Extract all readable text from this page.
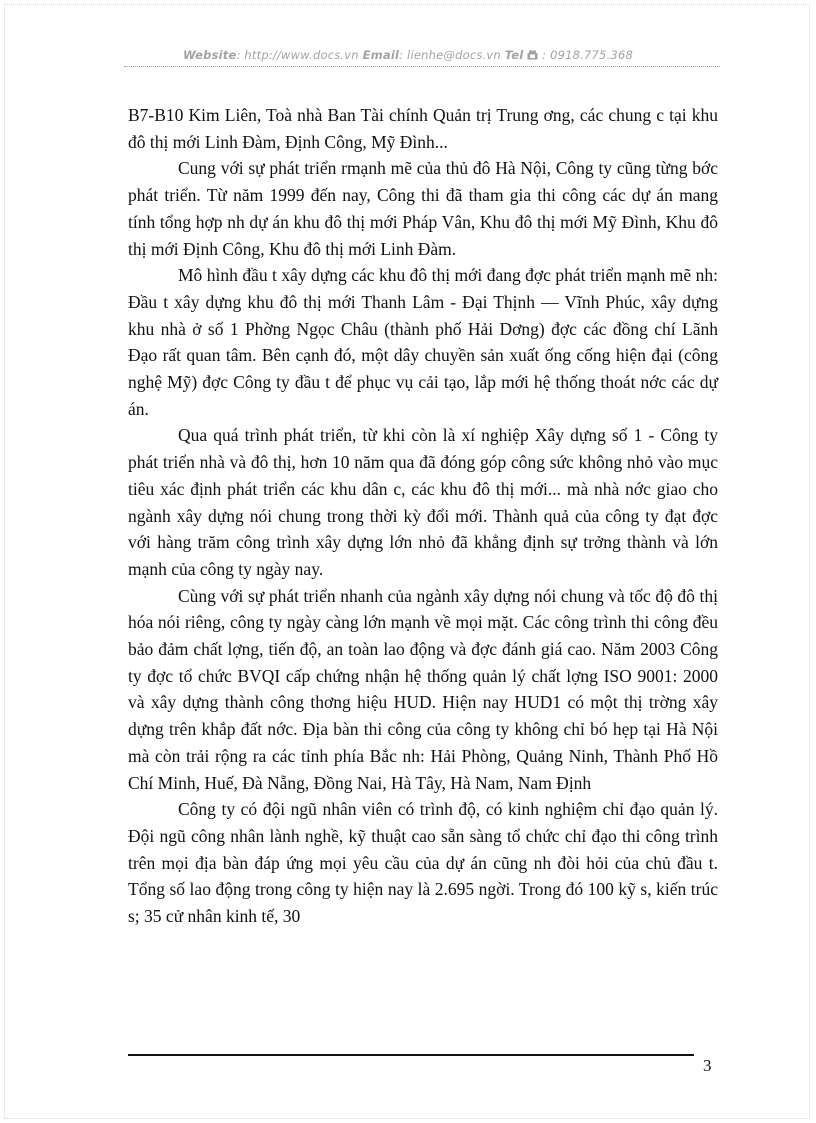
Website: http://www.docs.vn Email: lienhe@docs.vn Tel : 0918.775.368

B7-B10 Kim Liên, Toà nhà Ban Tài chính Quản trị Trung ơng, các chung c tại khu đô thị mới Linh Đàm, Định Công, Mỹ Đình...

Cung với sự phát triển rmạnh mẽ của thủ đô Hà Nội, Công ty cũng từng bớc phát triển. Từ năm 1999 đến nay, Công thi đã tham gia thi công các dự án mang tính tổng hợp nh dự án khu đô thị mới Pháp Vân, Khu đô thị mới Mỹ Đình, Khu đô thị mới Định Công, Khu đô thị mới Linh Đàm.

Mô hình đầu t xây dựng các khu đô thị mới đang đợc phát triển mạnh mẽ nh: Đầu t xây dựng khu đô thị mới Thanh Lâm - Đại Thịnh — Vĩnh Phúc, xây dựng khu nhà ở số 1 Phờng Ngọc Châu (thành phố Hải Dơng) đợc các đồng chí Lãnh Đạo rất quan tâm. Bên cạnh đó, một dây chuyền sản xuất ống cống hiện đại (công nghệ Mỹ) đợc Công ty đầu t để phục vụ cải tạo, lắp mới hệ thống thoát nớc các dự án.

Qua quá trình phát triển, từ khi còn là xí nghiệp Xây dựng số 1 - Công ty phát triển nhà và đô thị, hơn 10 năm qua đã đóng góp công sức không nhỏ vào mục tiêu xác định phát triển các khu dân c, các khu đô thị mới... mà nhà nớc giao cho ngành xây dựng nói chung trong thời kỳ đổi mới. Thành quả của công ty đạt đợc với hàng trăm công trình xây dựng lớn nhỏ đã khẳng định sự trởng thành và lớn mạnh của công ty ngày nay.

Cùng với sự phát triển nhanh của ngành xây dựng nói chung và tốc độ đô thị hóa nói riêng, công ty ngày càng lớn mạnh về mọi mặt. Các công trình thi công đều bảo đảm chất lợng, tiến độ, an toàn lao động và đợc đánh giá cao. Năm 2003 Công ty đợc tổ chức BVQI cấp chứng nhận hệ thống quản lý chất lợng ISO 9001: 2000 và xây dựng thành công thơng hiệu HUD. Hiện nay HUD1 có một thị trờng xây dựng trên khắp đất nớc. Địa bàn thi công của công ty không chỉ bó hẹp tại Hà Nội mà còn trải rộng ra các tỉnh phía Bắc nh: Hải Phòng, Quảng Ninh, Thành Phố Hồ Chí Minh, Huế, Đà Nẵng, Đồng Nai, Hà Tây, Hà Nam, Nam Định

Công ty có đội ngũ nhân viên có trình độ, có kinh nghiệm chỉ đạo quản lý. Đội ngũ công nhân lành nghề, kỹ thuật cao sẵn sàng tổ chức chỉ đạo thi công trình trên mọi địa bàn đáp ứng mọi yêu cầu của dự án cũng nh đòi hỏi của chủ đầu t. Tổng số lao động trong công ty hiện nay là 2.695 ngời. Trong đó 100 kỹ s, kiến trúc s; 35 cử nhân kinh tế, 30

3
